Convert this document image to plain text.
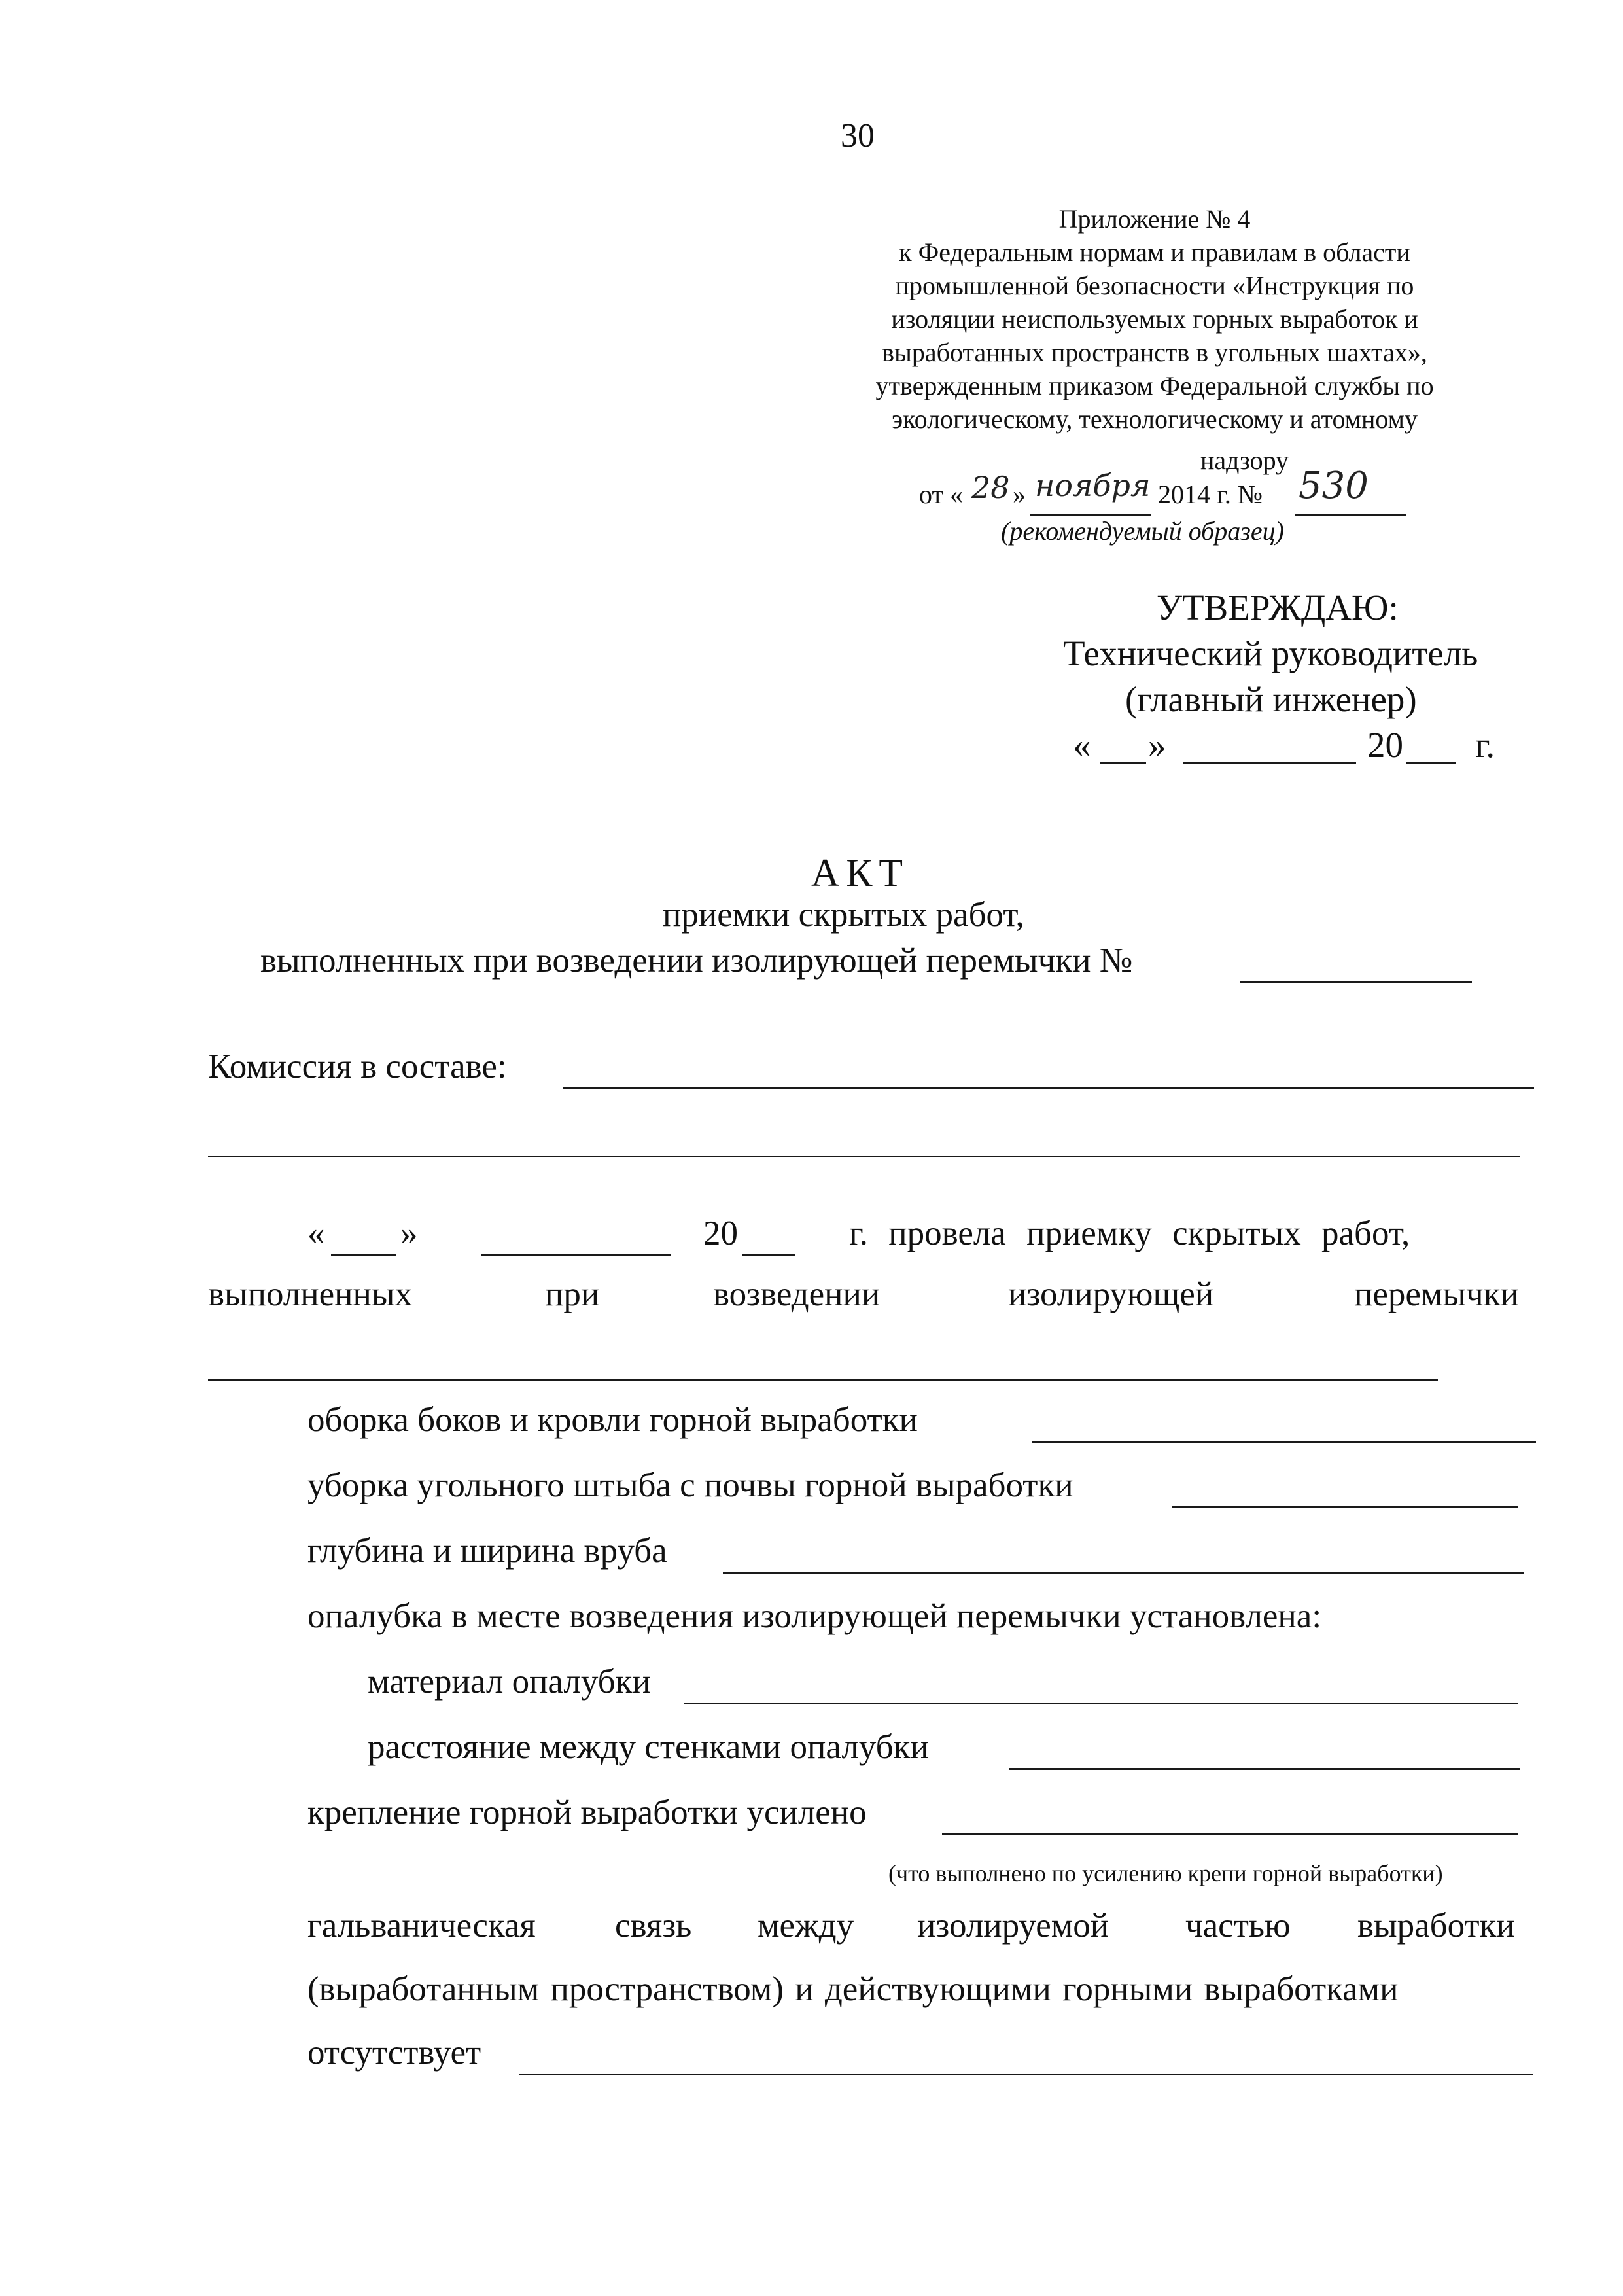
30
Приложение № 4
к Федеральным нормам и правилам в области
промышленной безопасности «Инструкция по
изоляции неиспользуемых горных выработок и
выработанных пространств в угольных шахтах»,
утвержденным приказом Федеральной службы по
экологическому, технологическому и атомному
надзору
от « 28 » ноября 2014 г. № 530
(рекомендуемый образец)
УТВЕРЖДАЮ:
Технический руководитель
(главный инженер)
« »	20 г.
АКТ
приемки скрытых работ,
выполненных при возведении изолирующей перемычки №
Комиссия в составе:
« »	20	г. провела приемку скрытых работ,
выполненных	при	возведении	изолирующей	перемычки
оборка боков и кровли горной выработки
уборка угольного штыба с почвы горной выработки
глубина и ширина вруба
опалубка в месте возведения изолирующей перемычки установлена:
материал опалубки
расстояние между стенками опалубки
крепление горной выработки усилено
(что выполнено по усилению крепи горной выработки)
гальваническая связь между изолируемой частью выработки
(выработанным пространством) и действующими горными выработками
отсутствует
